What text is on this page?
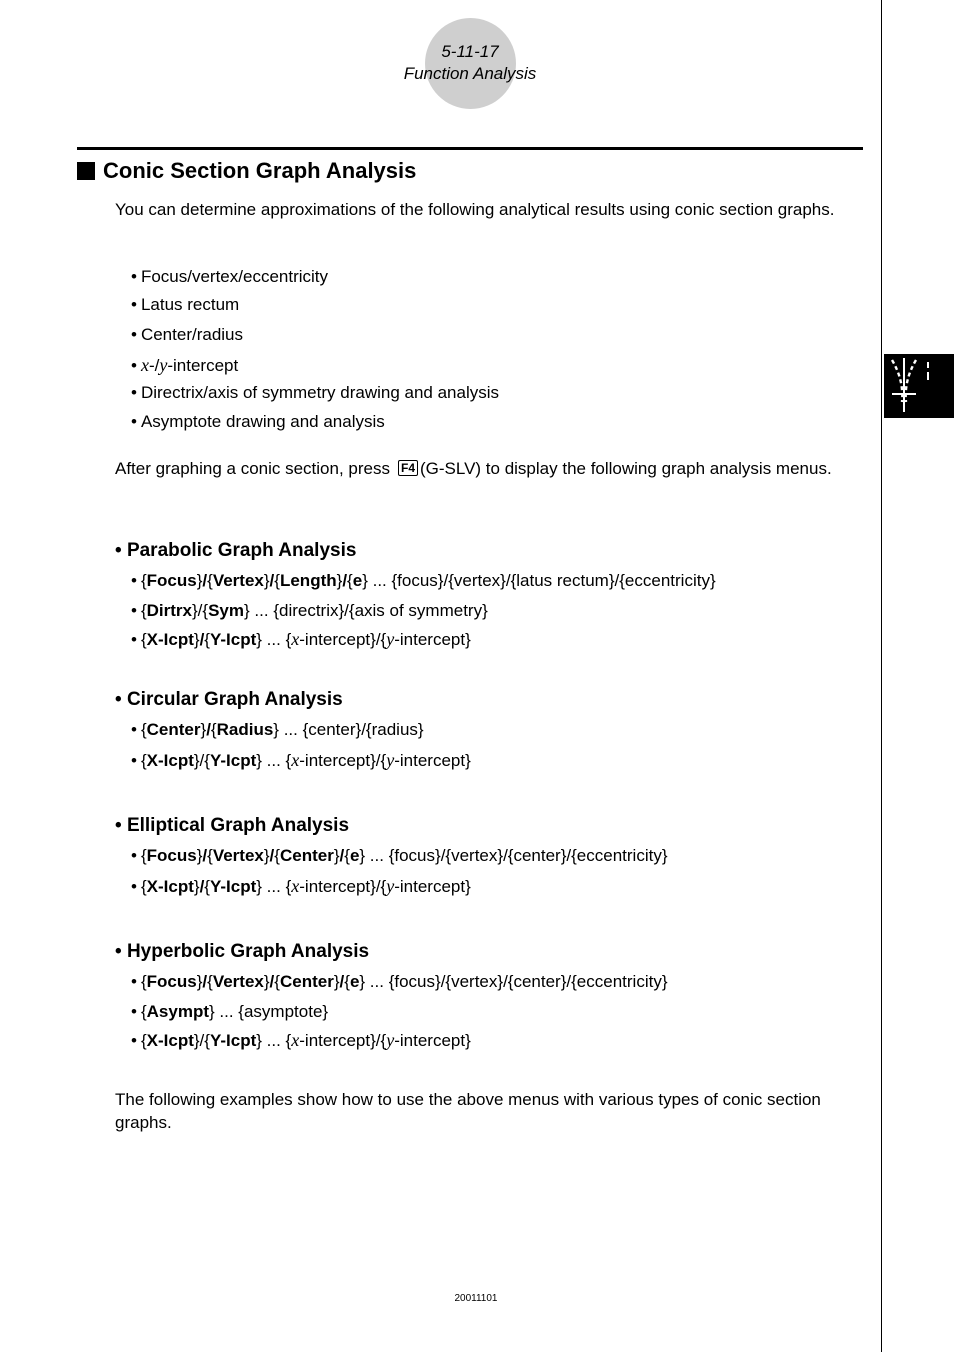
5-11-17
Function Analysis
Conic Section Graph Analysis
You can determine approximations of the following analytical results using conic section graphs.
• Focus/vertex/eccentricity
• Latus rectum
• Center/radius
• x-/y-intercept
• Directrix/axis of symmetry drawing and analysis
• Asymptote drawing and analysis
After graphing a conic section, press F4 (G-SLV) to display the following graph analysis menus.
• Parabolic Graph Analysis
• {Focus}/{Vertex}/{Length}/{e} ... {focus}/{vertex}/{latus rectum}/{eccentricity}
• {Dirtrx}/{Sym} ... {directrix}/{axis of symmetry}
• {X-Icpt}/{Y-Icpt} ... {x-intercept}/{y-intercept}
• Circular Graph Analysis
• {Center}/{Radius} ... {center}/{radius}
• {X-Icpt}/{Y-Icpt} ... {x-intercept}/{y-intercept}
• Elliptical Graph Analysis
• {Focus}/{Vertex}/{Center}/{e} ... {focus}/{vertex}/{center}/{eccentricity}
• {X-Icpt}/{Y-Icpt} ... {x-intercept}/{y-intercept}
• Hyperbolic Graph Analysis
• {Focus}/{Vertex}/{Center}/{e} ... {focus}/{vertex}/{center}/{eccentricity}
• {Asympt} ... {asymptote}
• {X-Icpt}/{Y-Icpt} ... {x-intercept}/{y-intercept}
The following examples show how to use the above menus with various types of conic section graphs.
20011101
